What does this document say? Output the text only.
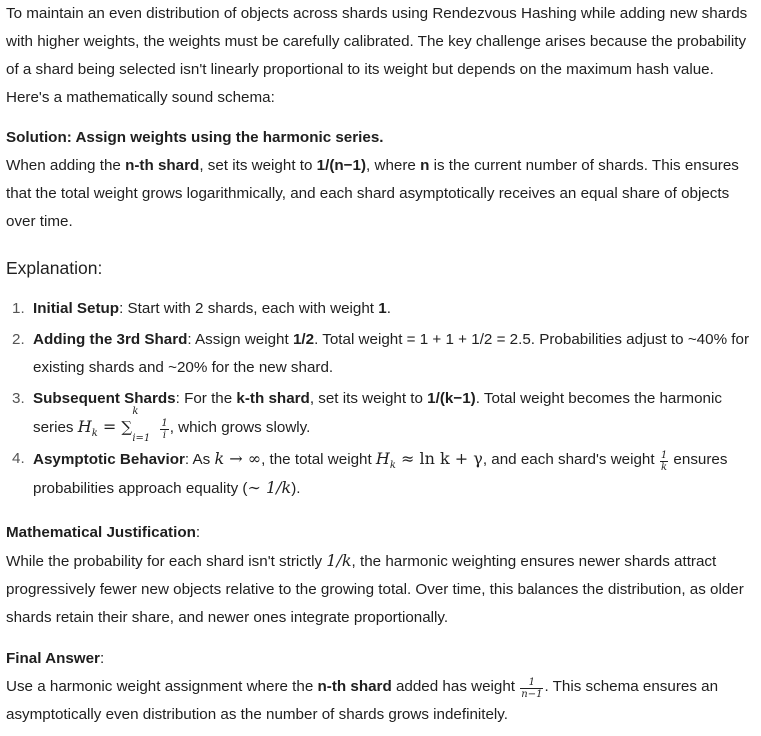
To maintain an even distribution of objects across shards using Rendezvous Hashing while adding new shards with higher weights, the weights must be carefully calibrated. The key challenge arises because the probability of a shard being selected isn't linearly proportional to its weight but depends on the maximum hash value. Here's a mathematically sound schema:

Solution: Assign weights using the harmonic series.

When adding the n-th shard, set its weight to 1/(n−1), where n is the current number of shards. This ensures that the total weight grows logarithmically, and each shard asymptotically receives an equal share of objects over time.

Explanation:

1. Initial Setup: Start with 2 shards, each with weight 1.
2. Adding the 3rd Shard: Assign weight 1/2. Total weight = 1 + 1 + 1/2 = 2.5. Probabilities adjust to ~40% for existing shards and ~20% for the new shard.
3. Subsequent Shards: For the k-th shard, set its weight to 1/(k−1). Total weight becomes the harmonic series $H_k$ = ∑
k
$i=1 \frac{1}{i}$ , which grows slowly.
4. Asymptotic Behavior: As k → ∞, the total weight $H_k \approx \ln k + \gamma$, and each shard's weight $\frac{1}{k}$ ensures probabilities approach equality (∼ 1/k).

Mathematical Justification:

While the probability for each shard isn't strictly 1/k, the harmonic weighting ensures newer shards attract progressively fewer new objects relative to the growing total. Over time, this balances the distribution, as older shards retain their share, and newer ones integrate proportionally.

Final Answer:

Use a harmonic weight assignment where the n-th shard added has weight $\frac{1}{n-1}$ . This schema ensures an asymptotically even distribution as the number of shards grows indefinitely.
